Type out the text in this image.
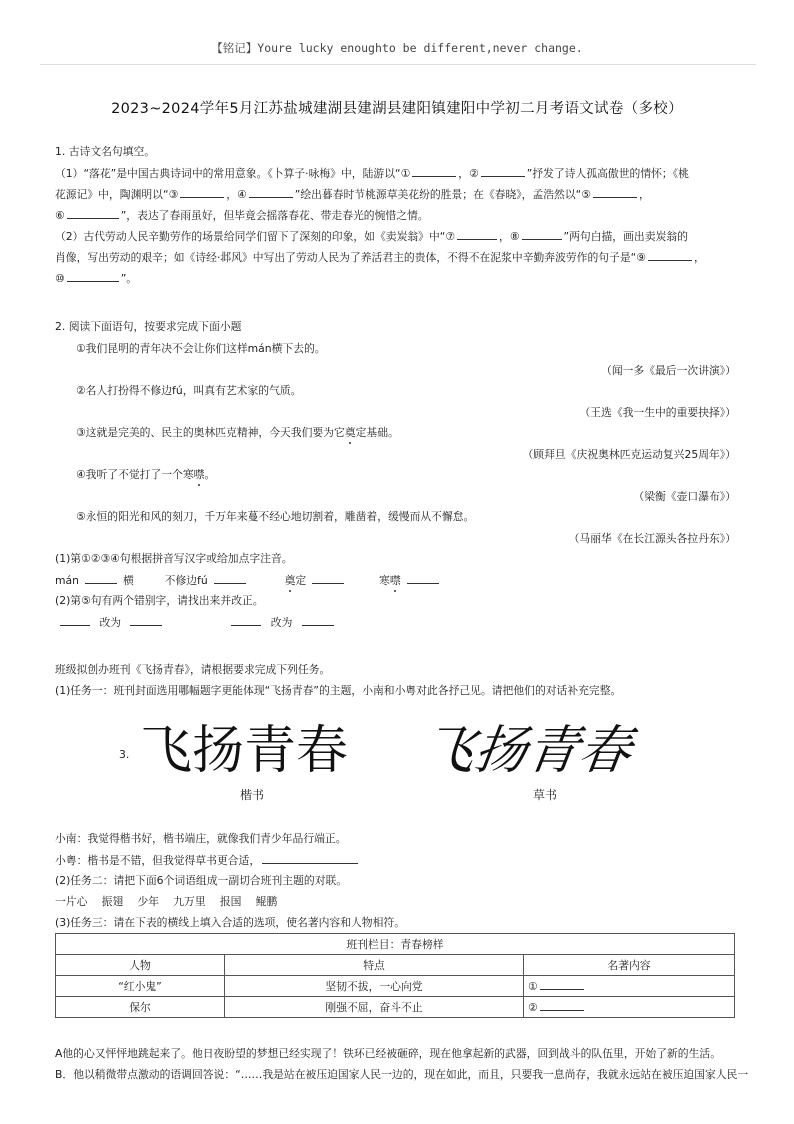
【铭记】Youre lucky enoughto be different,never change.
2023~2024学年5月江苏盐城建湖县建湖县建阳镇建阳中学初二月考语文试卷（多校）
1. 古诗文名句填空。
（1）“落花”是中国古典诗词中的常用意象。《卜算子·咏梅》中，陆游以“①	，②	”抒发了诗人孤高傲世的情怀；《桃
花源记》中，陶渊明以“③	，④	”绘出暮春时节桃源草美花纷的胜景；在《春晓》，孟浩然以“⑤	，
⑥	”，表达了春雨虽好，但毕竟会摇落春花、带走春光的惋惜之情。
（2）古代劳动人民辛勤劳作的场景给同学们留下了深刻的印象，如《卖炭翁》中“⑦	，⑧	”两句白描，画出卖炭翁的
肖像，写出劳动的艰辛；如《诗经·邶风》中写出了劳动人民为了养活君主的贵体，不得不在泥浆中辛勤奔波劳作的句子是“⑨	，
⑩	”。
2. 阅读下面语句，按要求完成下面小题
①我们昆明的青年决不会让你们这样mán横下去的。
（闻一多《最后一次讲演》）
②名人打扮得不修边fú，叫真有艺术家的气质。
（王选《我一生中的重要抉择》）
③这就是完美的、民主的奥林匹克精神，今天我们要为它奠定基础。
（顾拜旦《庆祝奥林匹克运动复兴25周年》）
④我听了不觉打了一个寒噤。
（梁衡《壶口瀑布》）
⑤永恒的阳光和风的刻刀，千万年来蔓不经心地切割着，雕凿着，缓慢而从不懈怠。
（马丽华《在长江源头各拉丹东》）
(1)第①②③④句根据拼音写汉字或给加点字注音。
mán	横	不修边fú	奠定	寒噤
(2)第⑤句有两个错别字，请找出来并改正。
改为	改为
班级拟创办班刊《飞扬青春》，请根据要求完成下列任务。
(1)任务一：班刊封面选用哪幅题字更能体现“飞扬青春”的主题，小南和小粤对此各抒己见。请把他们的对话补充完整。
3. 飞扬青春 飞扬青春
楷书	草书
小南：我觉得楷书好，楷书端庄，就像我们青少年品行端正。
小粤：楷书是不错，但我觉得草书更合适，
(2)任务二：请把下面6个词语组成一副切合班刊主题的对联。
一片心　 振翅　 少年　 九万里　 报国　 鲲鹏
(3)任务三：请在下表的横线上填入合适的选项，使名著内容和人物相符。
班刊栏目：青春榜样		
人物	特点	名著内容
“红小鬼”	坚韧不拔，一心向党	①
保尔	刚强不屈，奋斗不止	②
A他的心又怦怦地跳起来了。他日夜盼望的梦想已经实现了！铁环已经被砸碎，现在他拿起新的武器，回到战斗的队伍里，开始了新的生活。
B．他以稍微带点激动的语调回答说：“……我是站在被压迫国家人民一边的，现在如此，而且，只要我一息尚存，我就永远站在被压迫国家人民一
